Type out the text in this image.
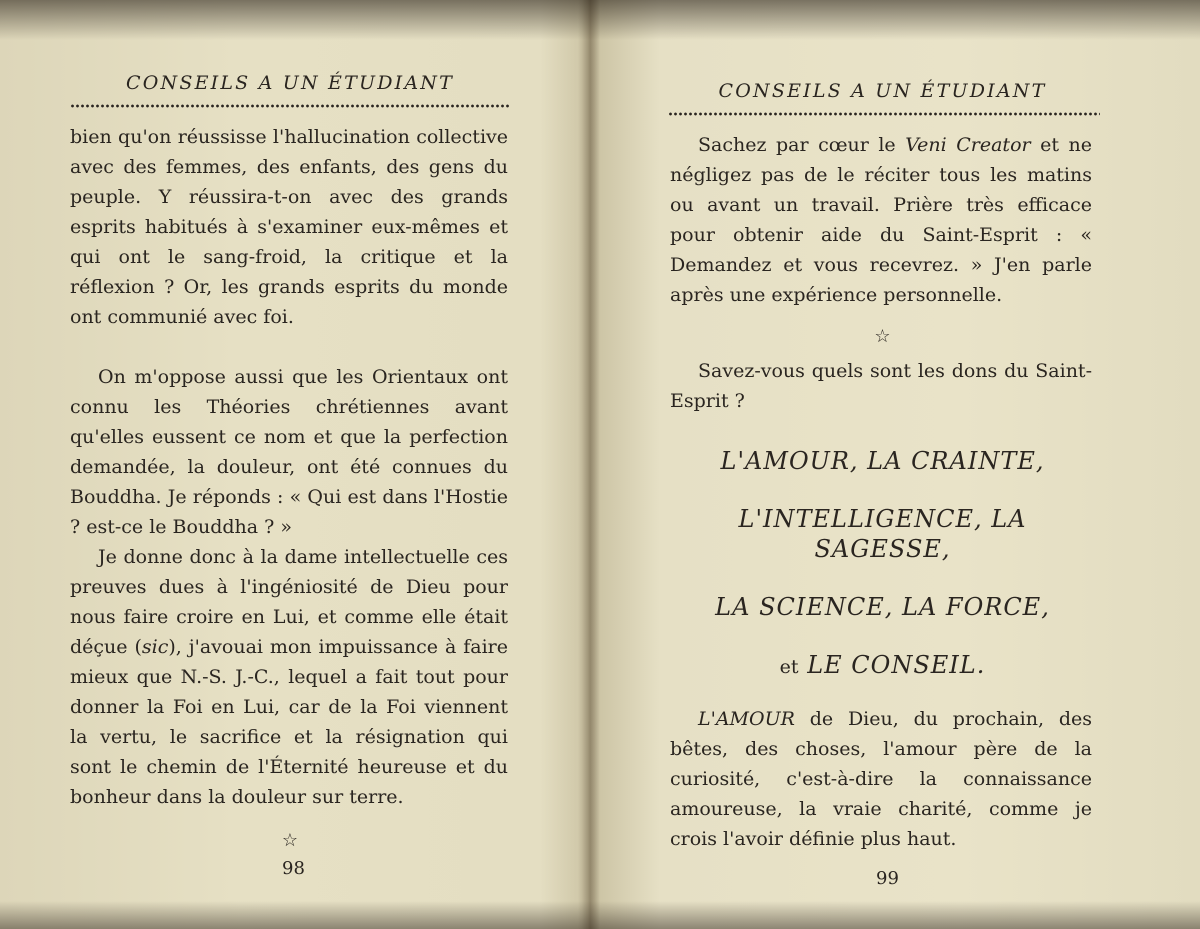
CONSEILS A UN ÉTUDIANT

bien qu'on réussisse l'hallucination collective avec des femmes, des enfants, des gens du peuple. Y réussira-t-on avec des grands esprits habitués à s'examiner eux-mêmes et qui ont le sang-froid, la critique et la réflexion ? Or, les grands esprits du monde ont communié avec foi.

On m'oppose aussi que les Orientaux ont connu les Théories chrétiennes avant qu'elles eussent ce nom et que la perfection demandée, la douleur, ont été connues du Bouddha. Je réponds : « Qui est dans l'Hostie ? est-ce le Bouddha ? »

Je donne donc à la dame intellectuelle ces preuves dues à l'ingéniosité de Dieu pour nous faire croire en Lui, et comme elle était déçue (sic), j'avouai mon impuissance à faire mieux que N.-S. J.-C., lequel a fait tout pour donner la Foi en Lui, car de la Foi viennent la vertu, le sacrifice et la résignation qui sont le chemin de l'Éternité heureuse et du bonheur dans la douleur sur terre.

☆
98

CONSEILS A UN ÉTUDIANT

Sachez par cœur le Veni Creator et ne négligez pas de le réciter tous les matins ou avant un travail. Prière très efficace pour obtenir aide du Saint-Esprit : « Demandez et vous recevrez. » J'en parle après une expérience personnelle.

☆

Savez-vous quels sont les dons du Saint-Esprit ?

L'AMOUR, LA CRAINTE,
L'INTELLIGENCE, LA SAGESSE,
LA SCIENCE, LA FORCE,
et LE CONSEIL.

L'AMOUR de Dieu, du prochain, des bêtes, des choses, l'amour père de la curiosité, c'est-à-dire la connaissance amoureuse, la vraie charité, comme je crois l'avoir définie plus haut.

99
